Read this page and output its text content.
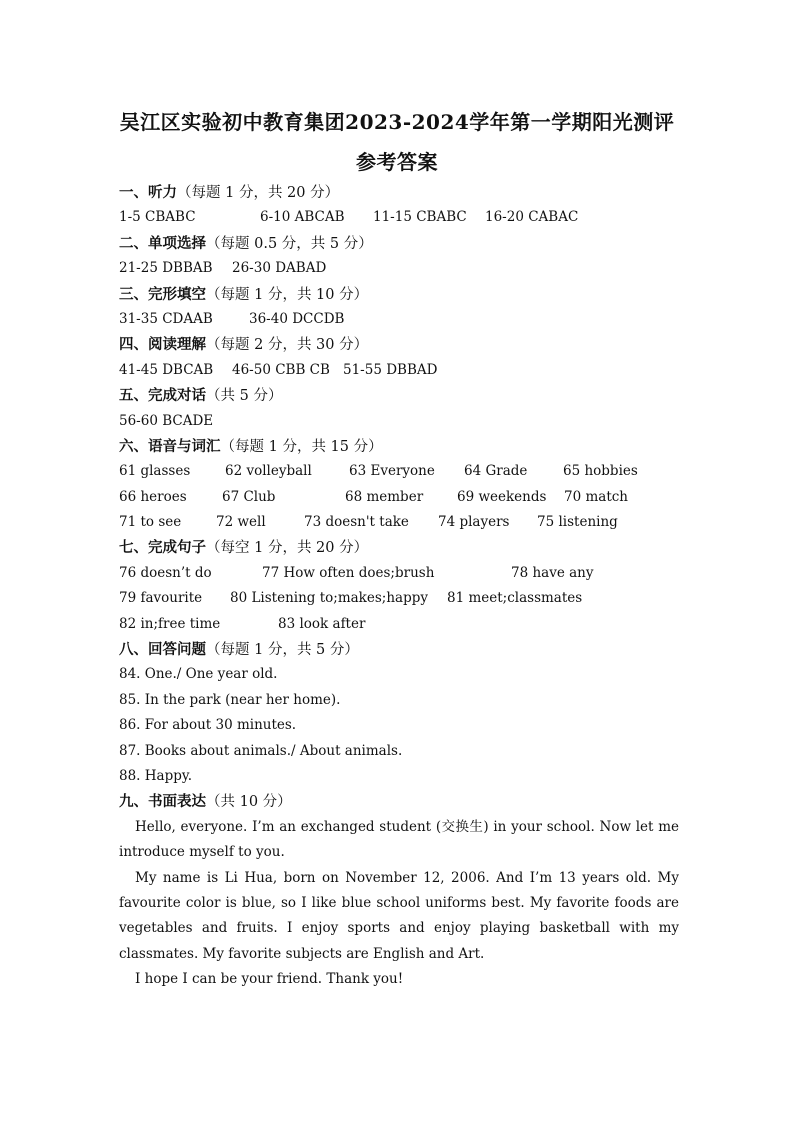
吴江区实验初中教育集团2023-2024学年第一学期阳光测评
参考答案
一、听力（每题 1 分，共 20 分）
1-5 CBABC	6-10 ABCAB 11-15 CBABC 16-20 CABAC
二、单项选择（每题 0.5 分，共 5 分）
21-25 DBBAB 26-30 DABAD
三、完形填空（每题 1 分，共 10 分）
31-35 CDAAB	36-40 DCCDB
四、阅读理解（每题 2 分，共 30 分）
41-45 DBCAB 46-50 CBB CB 51-55 DBBAD
五、完成对话（共 5 分）
56-60 BCADE
六、语音与词汇（每题 1 分，共 15 分）
61 glasses	62 volleyball	63 Everyone 64 Grade	65 hobbies
66 heroes	67 Club	68 member	69 weekends 70 match
71 to see	72 well	73 doesn't take 74 players 75 listening
七、完成句子（每空 1 分，共 20 分）
76 doesn’t do	77 How often does;brush	78 have any
79 favourite 80 Listening to;makes;happy 81 meet;classmates
82 in;free time	83 look after
八、回答问题（每题 1 分，共 5 分）
84. One./ One year old.
85. In the park (near her home).
86. For about 30 minutes.
87. Books about animals./ About animals.
88. Happy.
九、书面表达（共 10 分）

Hello, everyone. I’m an exchanged student (交换生) in your school. Now let me introduce myself to you.

My name is Li Hua, born on November 12, 2006. And I’m 13 years old. My favourite color is blue, so I like blue school uniforms best. My favorite foods are vegetables and fruits. I enjoy sports and enjoy playing basketball with my classmates. My favorite subjects are English and Art.

I hope I can be your friend. Thank you!
